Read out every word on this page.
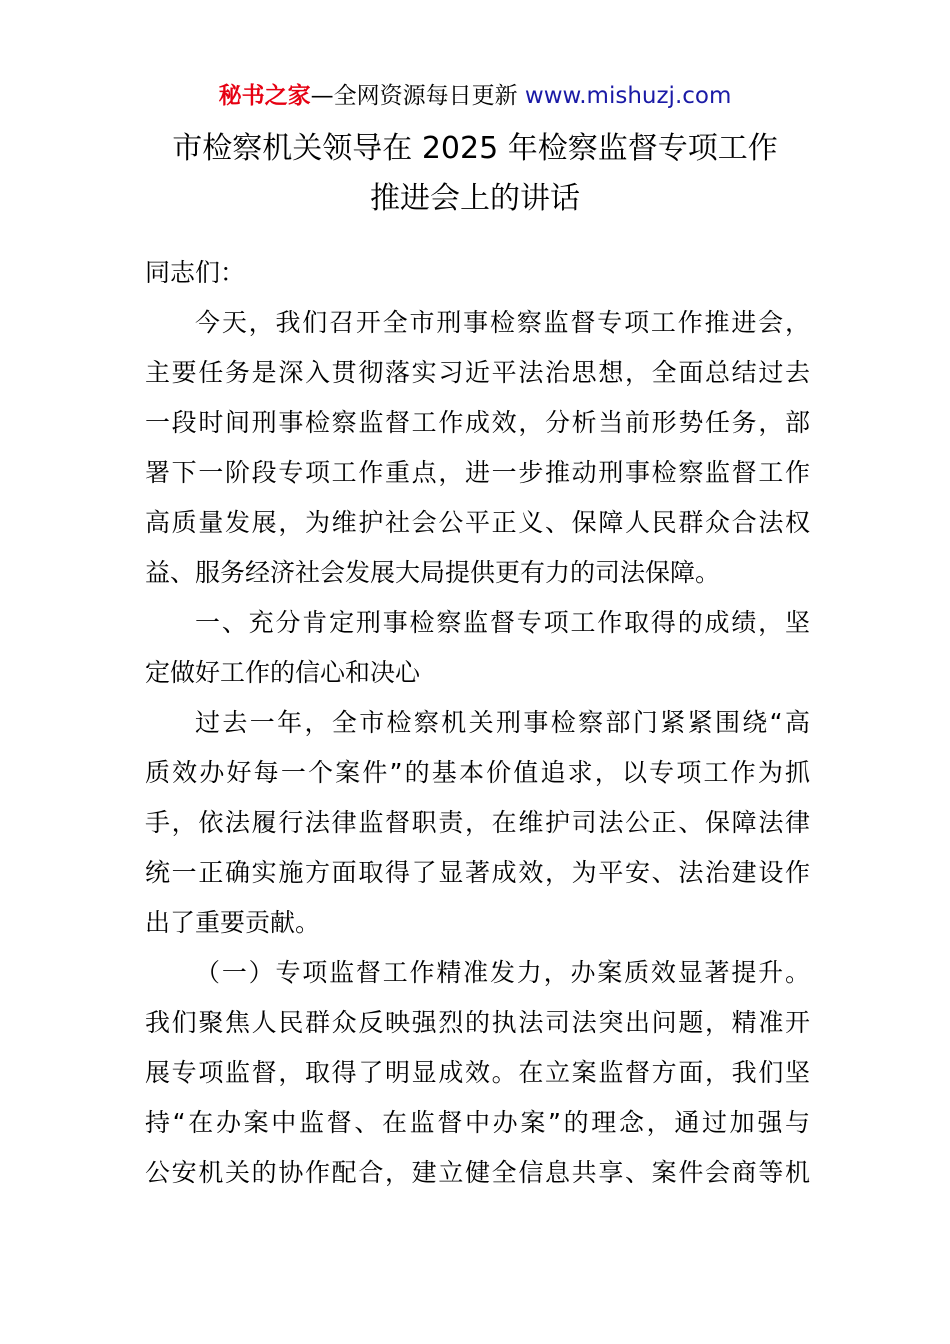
秘书之家—全网资源每日更新 www.mishuzj.com
市检察机关领导在 2025 年检察监督专项工作
推进会上的讲话
同志们：
今天，我们召开全市刑事检察监督专项工作推进会，
主要任务是深入贯彻落实习近平法治思想，全面总结过去
一段时间刑事检察监督工作成效，分析当前形势任务，部
署下一阶段专项工作重点，进一步推动刑事检察监督工作
高质量发展，为维护社会公平正义、保障人民群众合法权
益、服务经济社会发展大局提供更有力的司法保障。
一、充分肯定刑事检察监督专项工作取得的成绩，坚
定做好工作的信心和决心
过去一年，全市检察机关刑事检察部门紧紧围绕“高
质效办好每一个案件”的基本价值追求，以专项工作为抓
手，依法履行法律监督职责，在维护司法公正、保障法律
统一正确实施方面取得了显著成效，为平安、法治建设作
出了重要贡献。
（一）专项监督工作精准发力，办案质效显著提升。
我们聚焦人民群众反映强烈的执法司法突出问题，精准开
展专项监督，取得了明显成效。在立案监督方面，我们坚
持“在办案中监督、在监督中办案”的理念，通过加强与
公安机关的协作配合，建立健全信息共享、案件会商等机
